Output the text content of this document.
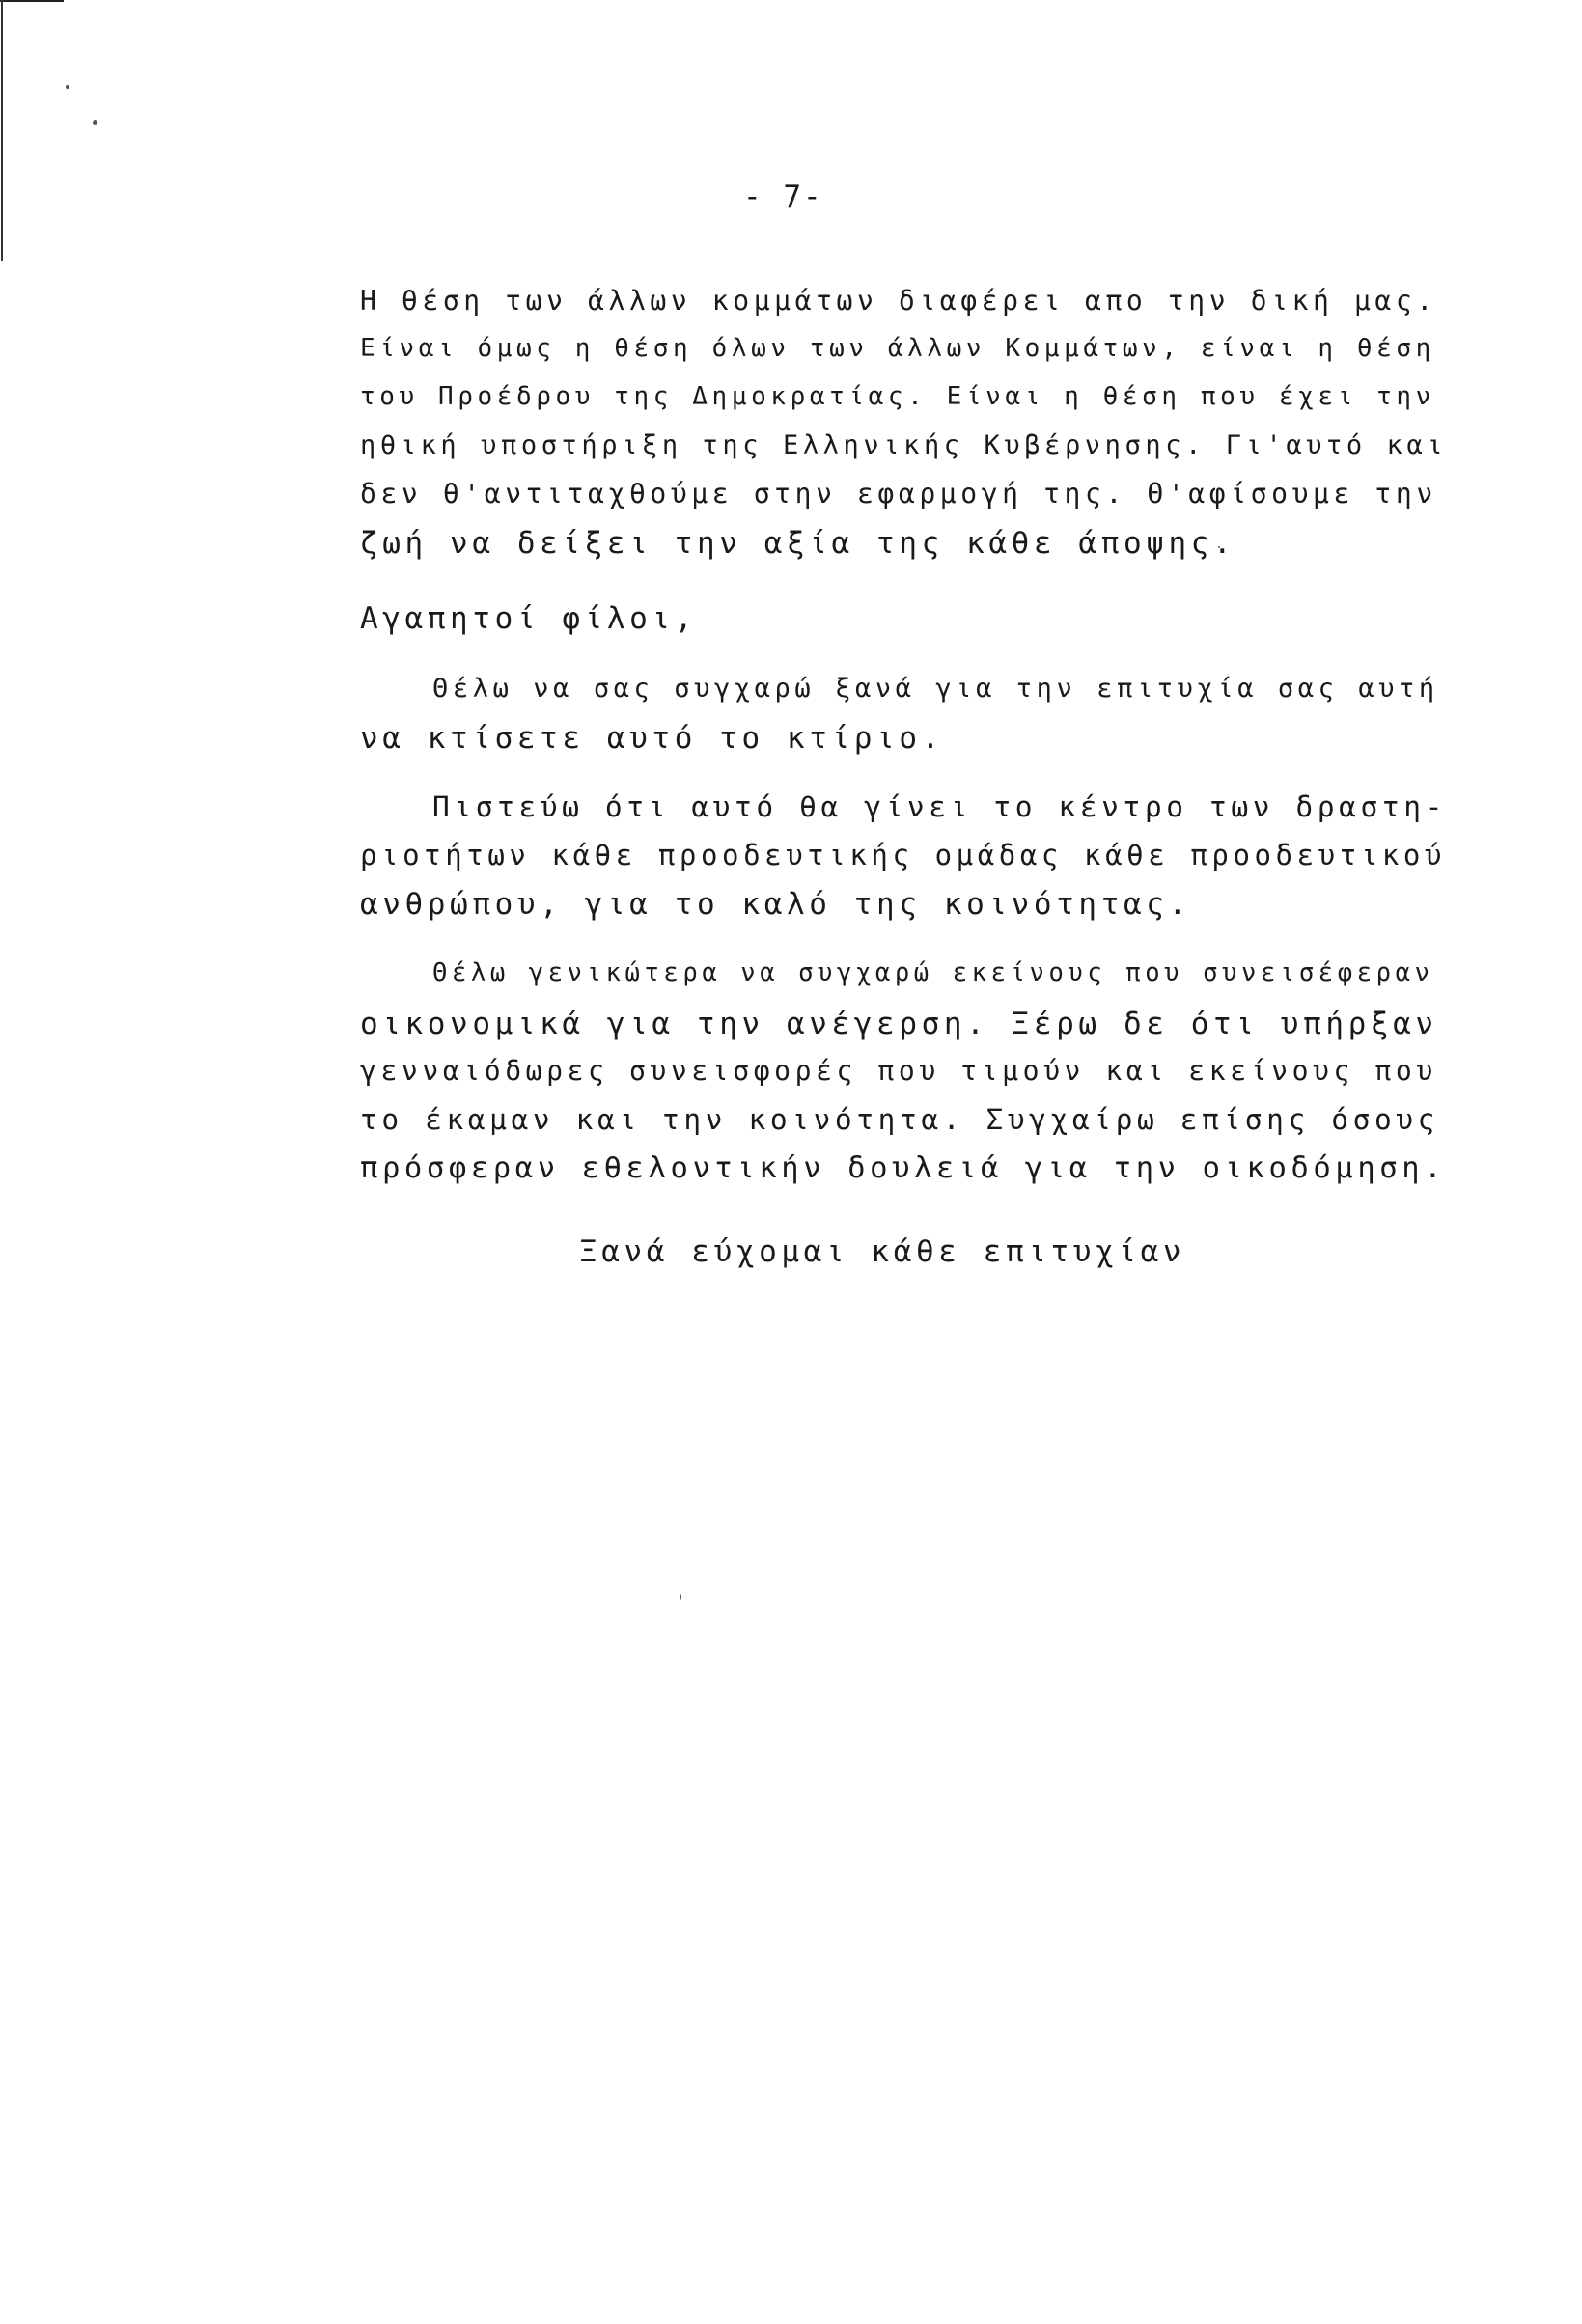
- 7-
Η θέση των άλλων κομμάτων διαφέρει απο την δική μας.
Είναι όμως η θέση όλων των άλλων Κομμάτων, είναι η θέση
του Προέδρου της Δημοκρατίας. Είναι η θέση που έχει την
ηθική υποστήριξη της Ελληνικής Κυβέρνησης. Γι'αυτό και
δεν θ'αντιταχθούμε στην εφαρμογή της. Θ'αφίσουμε την
ζωή να δείξει την αξία της κάθε άποψης.
Αγαπητοί φίλοι,
Θέλω να σας συγχαρώ ξανά για την επιτυχία σας αυτή
να κτίσετε αυτό το κτίριο.
Πιστεύω ότι αυτό θα γίνει το κέντρο των δραστη-
ριοτήτων κάθε προοδευτικής ομάδας κάθε προοδευτικού
ανθρώπου, για το καλό της κοινότητας.
Θέλω γενικώτερα να συγχαρώ εκείνους που συνεισέφεραν
οικονομικά για την ανέγερση. Ξέρω δε ότι υπήρξαν
γενναιόδωρες συνεισφορές που τιμούν και εκείνους που
το έκαμαν και την κοινότητα. Συγχαίρω επίσης όσους
πρόσφεραν εθελοντικήν δουλειά για την οικοδόμηση.
Ξανά εύχομαι κάθε επιτυχίαν
